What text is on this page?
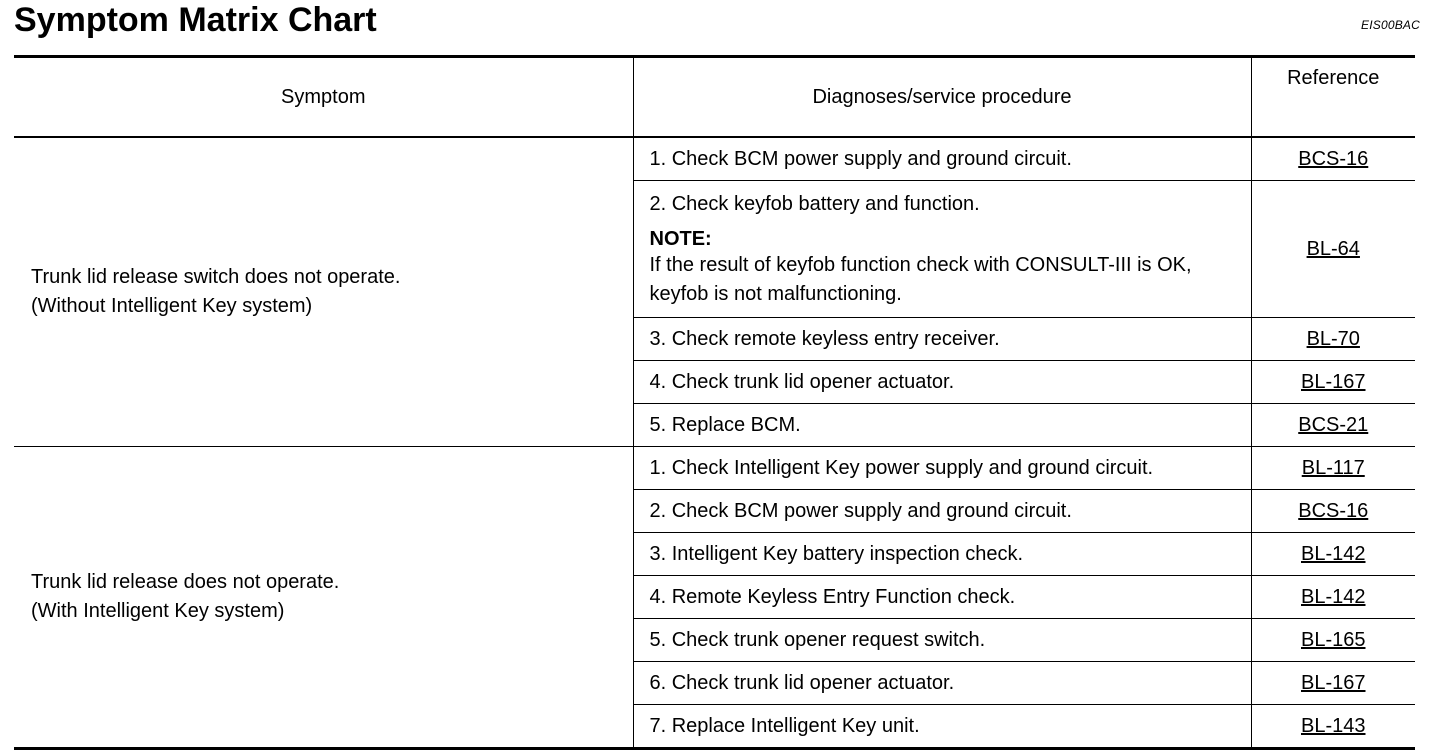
Symptom Matrix Chart	EIS00BAC
Symptom	Diagnoses/service procedure	Reference
Trunk lid release switch does not operate.
(Without Intelligent Key system)	1. Check BCM power supply and ground circuit.	BCS-16
	2. Check keyfob battery and function.
NOTE:
If the result of keyfob function check with CONSULT-III is OK, keyfob is not malfunctioning.	BL-64
	3. Check remote keyless entry receiver.	BL-70
	4. Check trunk lid opener actuator.	BL-167
	5. Replace BCM.	BCS-21
Trunk lid release does not operate.
(With Intelligent Key system)	1. Check Intelligent Key power supply and ground circuit.	BL-117
	2. Check BCM power supply and ground circuit.	BCS-16
	3. Intelligent Key battery inspection check.	BL-142
	4. Remote Keyless Entry Function check.	BL-142
	5. Check trunk opener request switch.	BL-165
	6. Check trunk lid opener actuator.	BL-167
	7. Replace Intelligent Key unit.	BL-143
